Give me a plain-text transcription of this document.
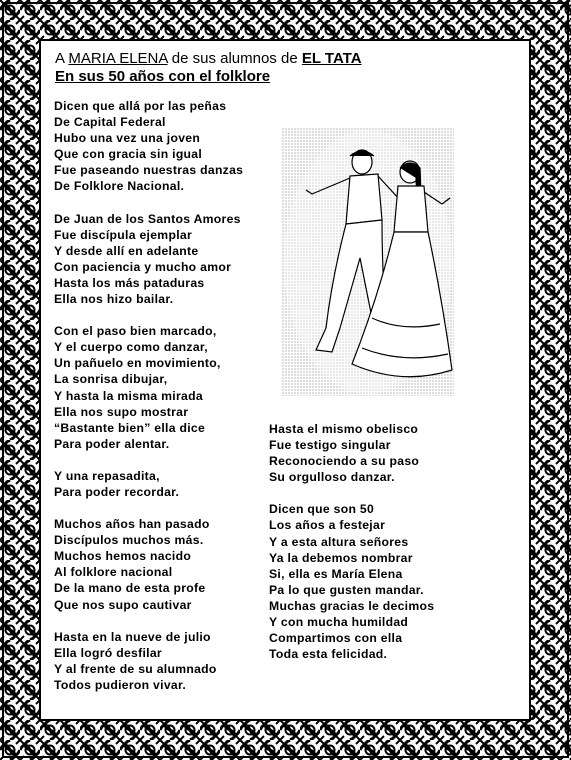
A MARIA ELENA de sus alumnos de EL TATA
En sus 50 años con el folklore
Dicen que allá por las peñas
De Capital Federal
Hubo una vez una joven
Que con gracia sin igual
Fue paseando nuestras danzas
De Folklore Nacional.
De Juan de los Santos Amores
Fue discípula ejemplar
Y desde allí en adelante
Con paciencia y mucho amor
Hasta los más pataduras
Ella nos hizo bailar.
Con el paso bien marcado,
Y el cuerpo como danzar,
Un pañuelo en movimiento,
La sonrisa dibujar,
Y hasta la misma mirada
Ella nos supo mostrar
“Bastante bien” ella dice
Para poder alentar.
Y una repasadita,
Para poder recordar.
Muchos años han pasado
Discípulos muchos más.
Muchos hemos nacido
Al folklore nacional
De la mano de esta profe
Que nos supo cautivar
Hasta en la nueve de julio
Ella logró desfilar
Y al frente de su alumnado
Todos pudieron vivar.
Hasta el mismo obelisco
Fue testigo singular
Reconociendo a su paso
Su orgulloso danzar.
Dicen que son 50
Los años a festejar
Y a esta altura señores
Ya la debemos nombrar
Si, ella es María Elena
Pa lo que gusten mandar.
Muchas gracias le decimos
Y con mucha humildad
Compartimos con ella
Toda esta felicidad.
